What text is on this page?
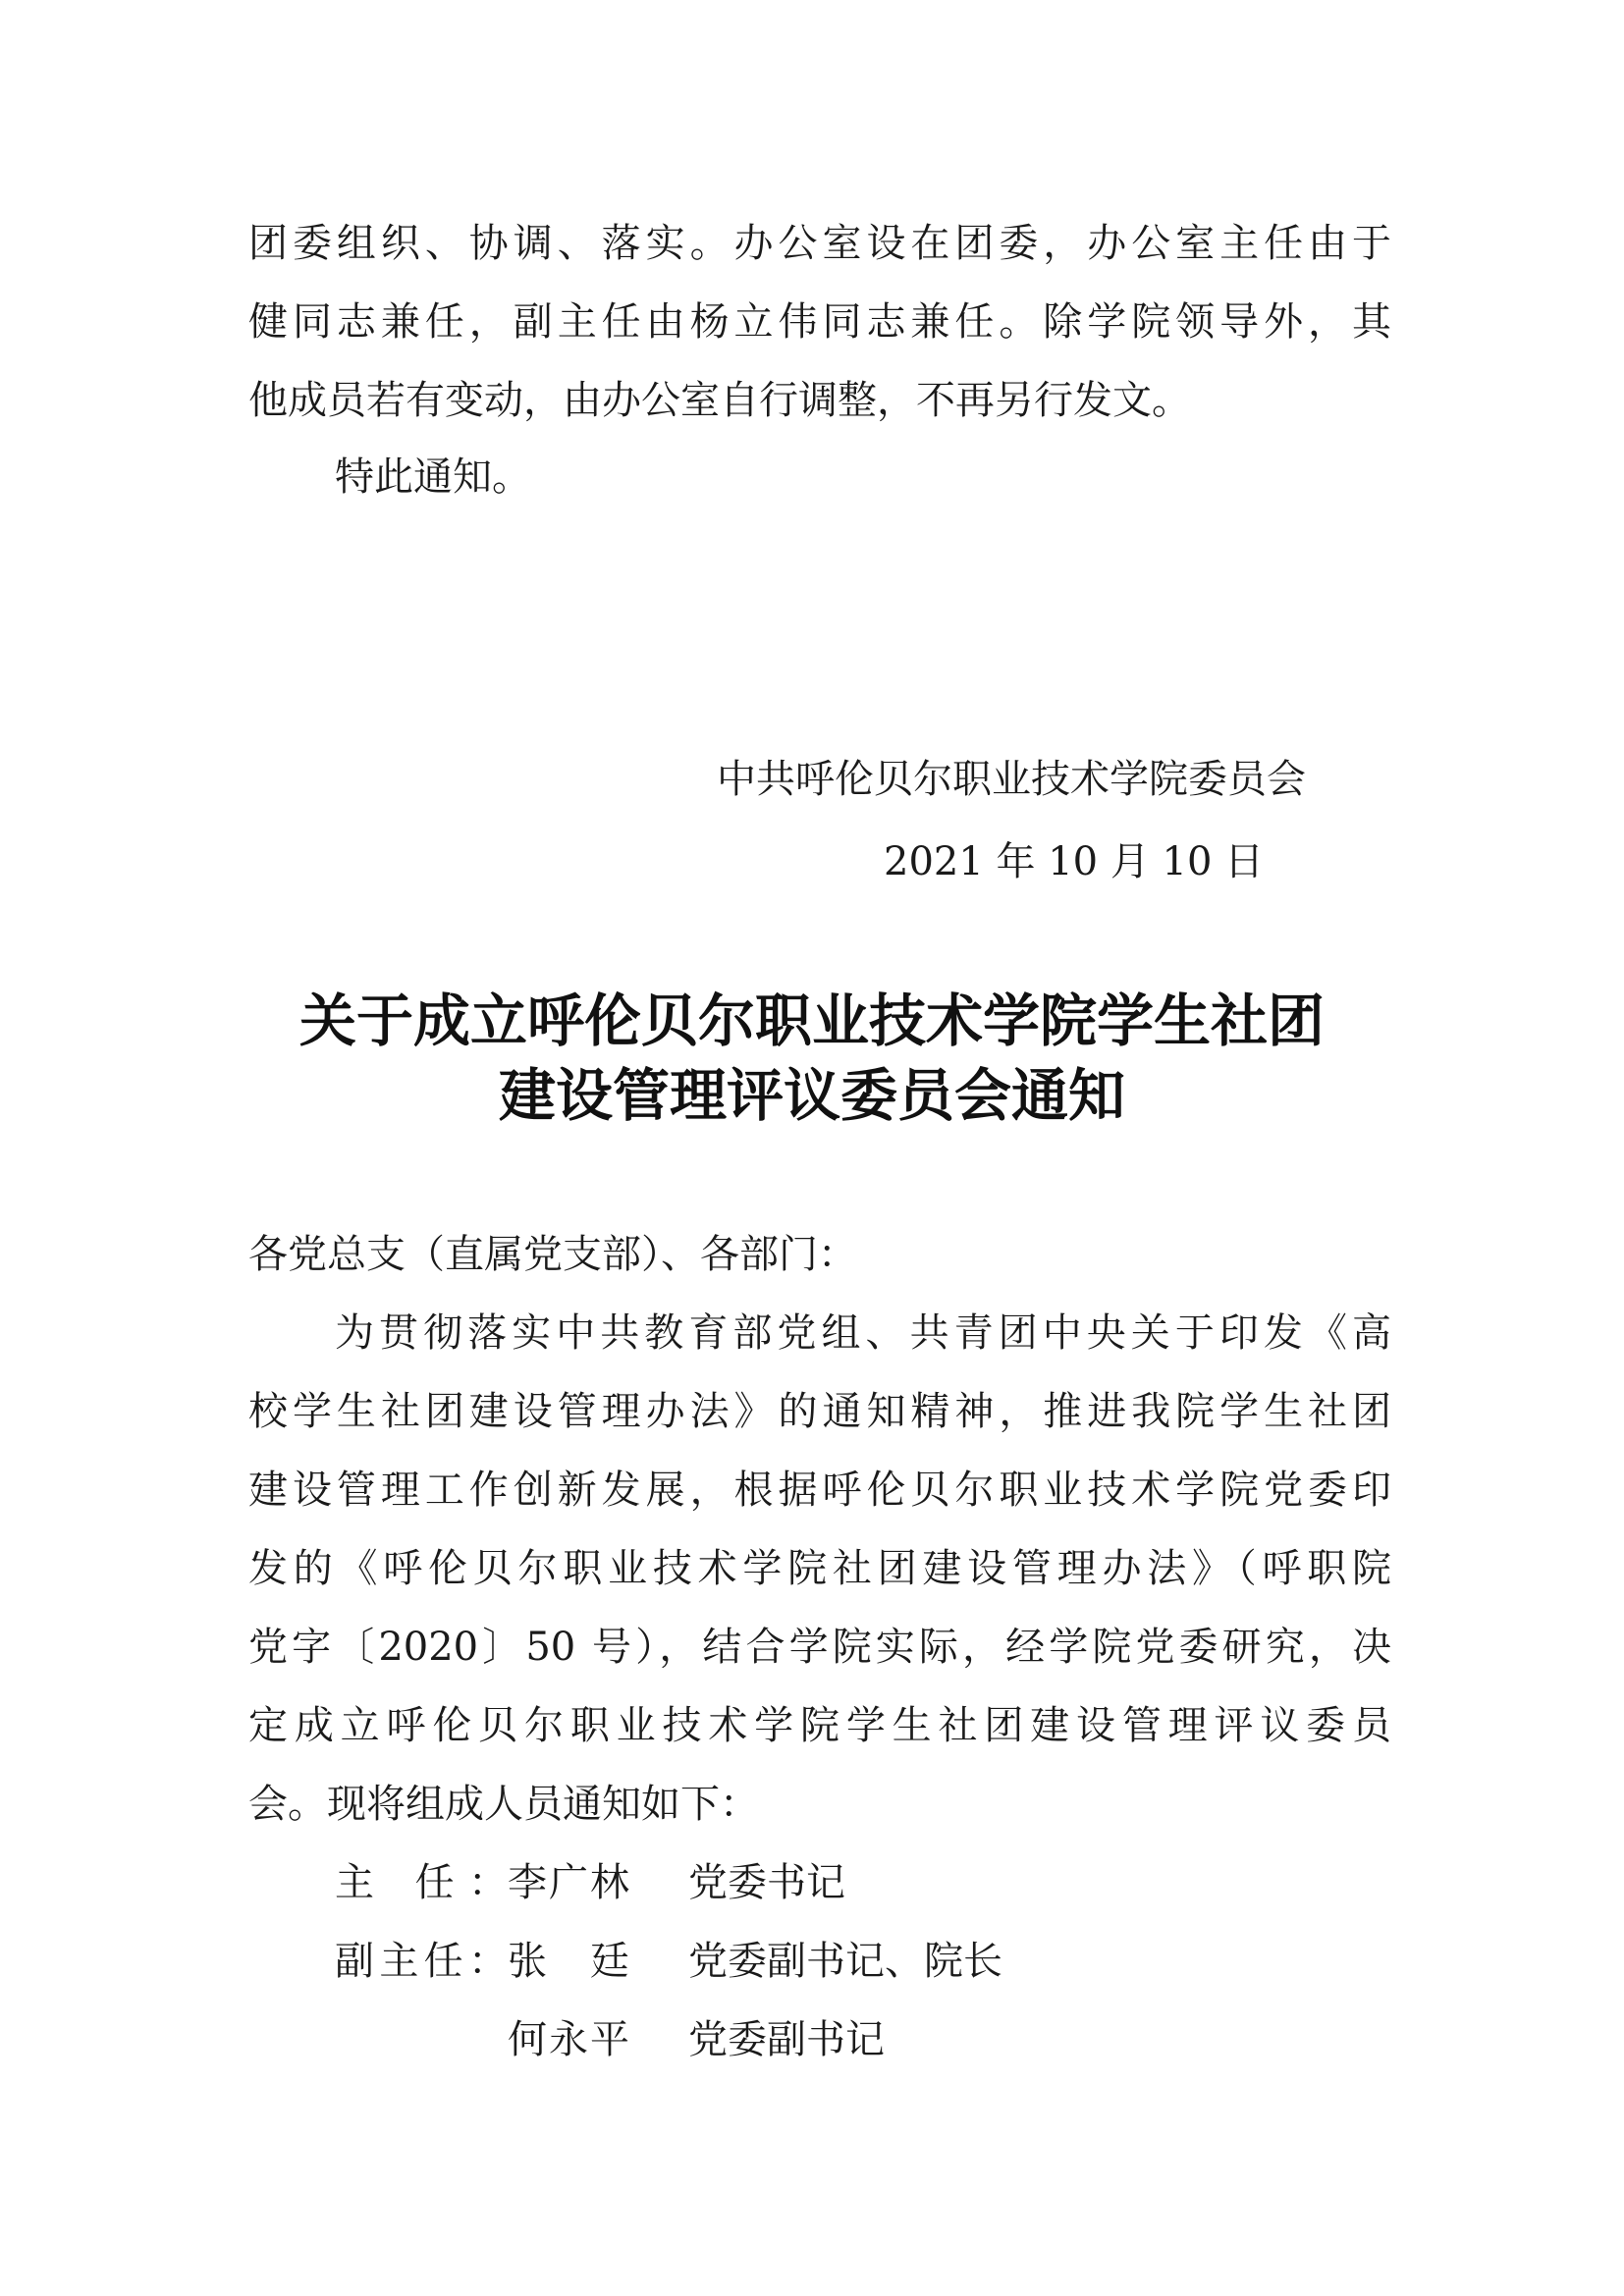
团委组织、协调、落实。办公室设在团委，办公室主任由于
健同志兼任，副主任由杨立伟同志兼任。除学院领导外，其
他成员若有变动，由办公室自行调整，不再另行发文。
特此通知。
中共呼伦贝尔职业技术学院委员会
2021 年 10 月 10 日
关于成立呼伦贝尔职业技术学院学生社团
建设管理评议委员会通知
各党总支（直属党支部）、各部门：
为贯彻落实中共教育部党组、共青团中央关于印发《高
校学生社团建设管理办法》的通知精神，推进我院学生社团
建设管理工作创新发展，根据呼伦贝尔职业技术学院党委印
发的《呼伦贝尔职业技术学院社团建设管理办法》（呼职院
党字〔2020〕50 号），结合学院实际，经学院党委研究，决
定成立呼伦贝尔职业技术学院学生社团建设管理评议委员
会。现将组成人员通知如下：
主 任： 李广林 党委书记
副主任： 张 廷 党委副书记、院长
何永平 党委副书记
